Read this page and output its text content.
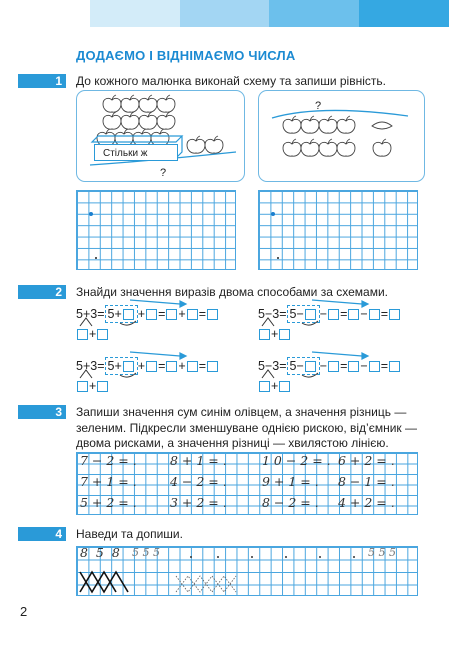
ДОДАЄМО І ВІДНІМАЄМО ЧИСЛА
1	До кожного малюнка виконай схему та запиши рівність.
Стільки ж
?
?
2	Знайди значення виразів двома способами за схемами.
5+3= 5+ + = + =	5−3= 5− − = − =
+	+
5+3= 5+ + = + =	5−3= 5− − = − =
+	+
3	Запиши значення сум синім олівцем, а значення різниць —
зеленим. Підкресли зменшуване однією рискою, від’ємник —
двома рисками, а значення різниці — хвилястою лінією.
7 − 2 = .	8 + 1 = .	1 0 − 2 = . 6 + 2 = .
7 + 1 = .	4 − 2 = .	9 + 1 = . 8 − 1 = .
5 + 2 = .	3 + 2 = .	8 − 2 = . 4 + 2 = .
4	Наведи та допиши.
8 5 8 5 5 5	5 5 5
2
